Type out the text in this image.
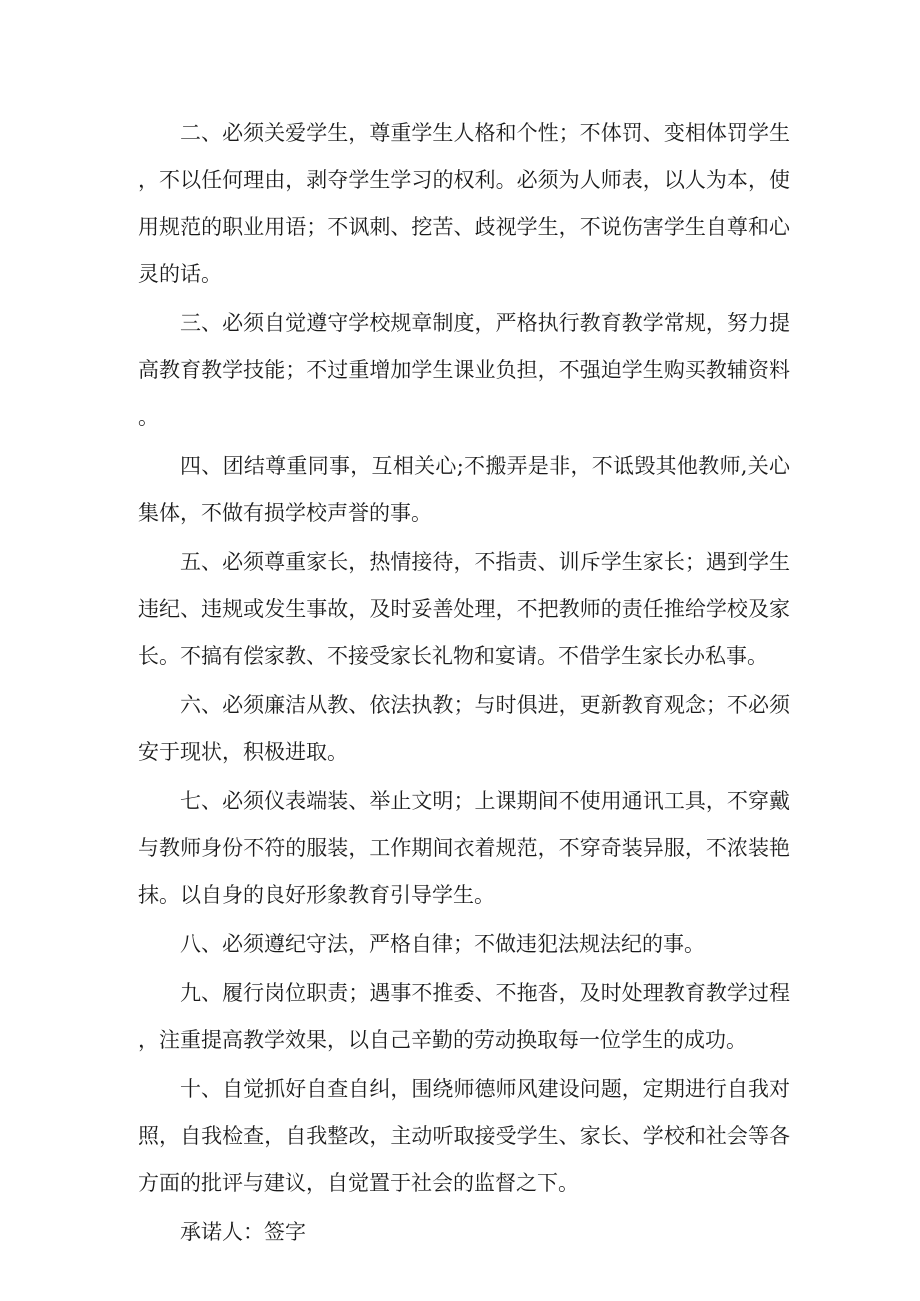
二、必须关爱学生，尊重学生人格和个性；不体罚、变相体罚学生，不以任何理由，剥夺学生学习的权利。必须为人师表，以人为本，使用规范的职业用语；不讽刺、挖苦、歧视学生，不说伤害学生自尊和心灵的话。

三、必须自觉遵守学校规章制度，严格执行教育教学常规，努力提高教育教学技能；不过重增加学生课业负担，不强迫学生购买教辅资料。

四、团结尊重同事，互相关心;不搬弄是非，不诋毁其他教师,关心集体，不做有损学校声誉的事。

五、必须尊重家长，热情接待，不指责、训斥学生家长；遇到学生违纪、违规或发生事故，及时妥善处理，不把教师的责任推给学校及家长。不搞有偿家教、不接受家长礼物和宴请。不借学生家长办私事。

六、必须廉洁从教、依法执教；与时俱进，更新教育观念；不必须安于现状，积极进取。

七、必须仪表端装、举止文明；上课期间不使用通讯工具，不穿戴与教师身份不符的服装，工作期间衣着规范，不穿奇装异服，不浓装艳抹。以自身的良好形象教育引导学生。

八、必须遵纪守法，严格自律；不做违犯法规法纪的事。

九、履行岗位职责；遇事不推委、不拖沓，及时处理教育教学过程，注重提高教学效果，以自己辛勤的劳动换取每一位学生的成功。

十、自觉抓好自查自纠，围绕师德师风建设问题，定期进行自我对照，自我检查，自我整改，主动听取接受学生、家长、学校和社会等各方面的批评与建议，自觉置于社会的监督之下。

承诺人：签字
